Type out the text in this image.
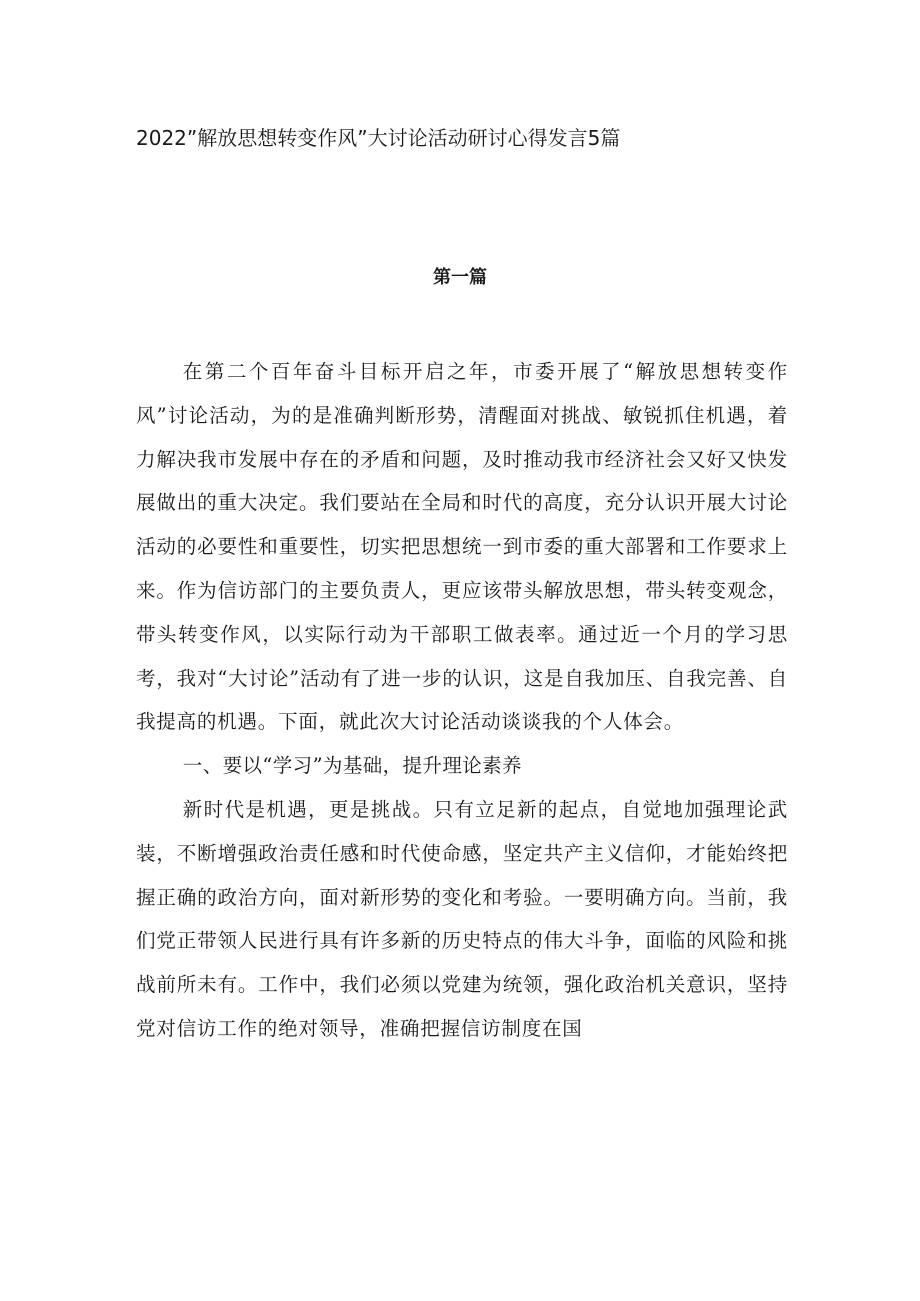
2022”解放思想转变作风”大讨论活动研讨心得发言5篇
第一篇

在第二个百年奋斗目标开启之年，市委开展了“解放思想转变作风”讨论活动，为的是准确判断形势，清醒面对挑战、敏锐抓住机遇，着力解决我市发展中存在的矛盾和问题，及时推动我市经济社会又好又快发展做出的重大决定。我们要站在全局和时代的高度，充分认识开展大讨论活动的必要性和重要性，切实把思想统一到市委的重大部署和工作要求上来。作为信访部门的主要负责人，更应该带头解放思想，带头转变观念，带头转变作风，以实际行动为干部职工做表率。通过近一个月的学习思考，我对“大讨论”活动有了进一步的认识，这是自我加压、自我完善、自我提高的机遇。下面，就此次大讨论活动谈谈我的个人体会。

一、要以“学习”为基础，提升理论素养

新时代是机遇，更是挑战。只有立足新的起点，自觉地加强理论武装，不断增强政治责任感和时代使命感，坚定共产主义信仰，才能始终把握正确的政治方向，面对新形势的变化和考验。一要明确方向。当前，我们党正带领人民进行具有许多新的历史特点的伟大斗争，面临的风险和挑战前所未有。工作中，我们必须以党建为统领，强化政治机关意识，坚持党对信访工作的绝对领导，准确把握信访制度在国
